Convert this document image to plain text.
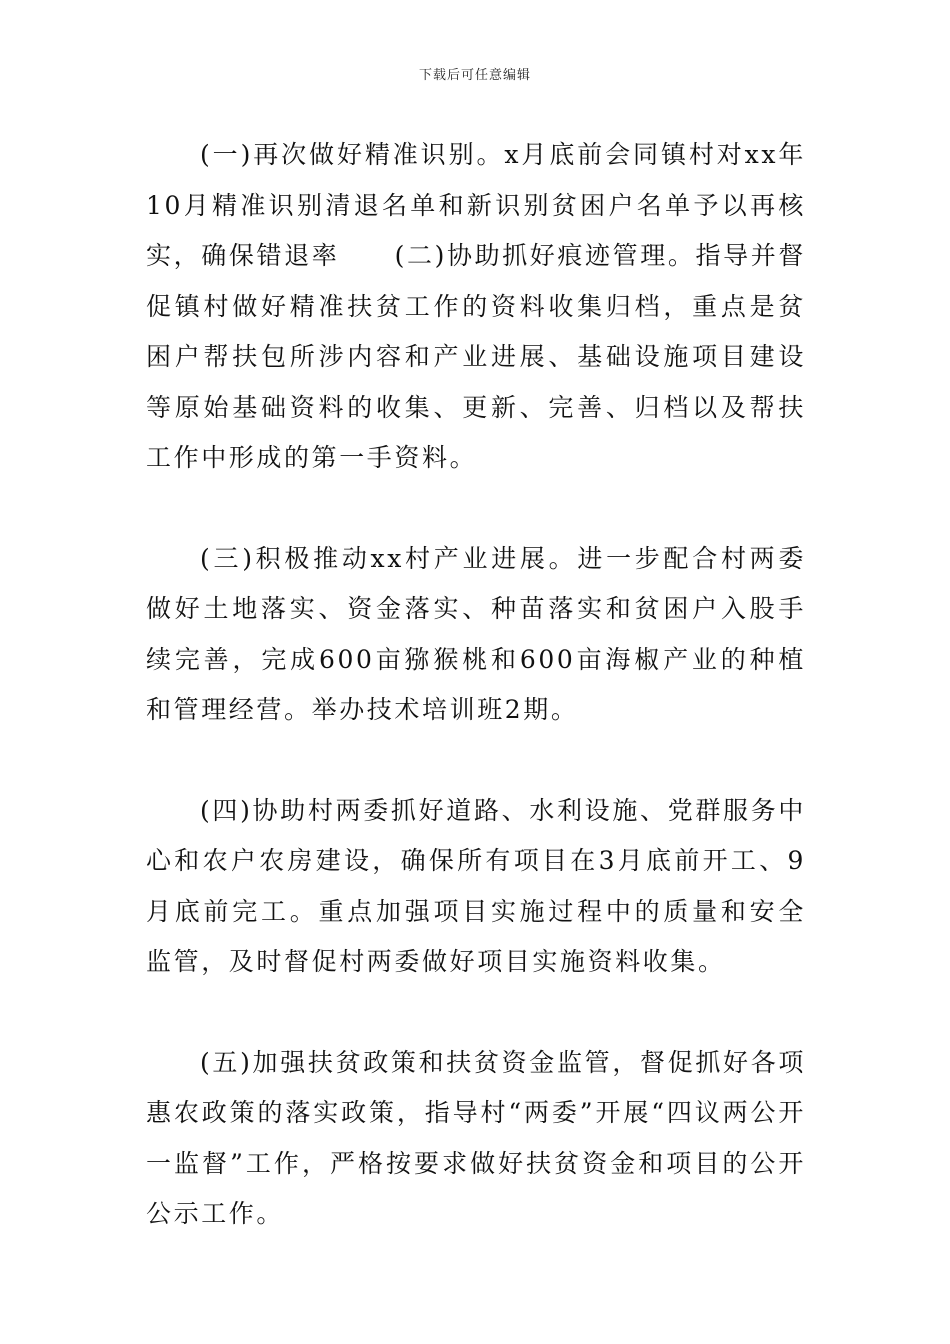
下载后可任意编辑

(一)再次做好精准识别。x月底前会同镇村对xx年10月精准识别清退名单和新识别贫困户名单予以再核实，确保错退率　　(二)协助抓好痕迹管理。指导并督促镇村做好精准扶贫工作的资料收集归档，重点是贫困户帮扶包所涉内容和产业进展、基础设施项目建设等原始基础资料的收集、更新、完善、归档以及帮扶工作中形成的第一手资料。

(三)积极推动xx村产业进展。进一步配合村两委做好土地落实、资金落实、种苗落实和贫困户入股手续完善，完成600亩猕猴桃和600亩海椒产业的种植和管理经营。举办技术培训班2期。

(四)协助村两委抓好道路、水利设施、党群服务中心和农户农房建设，确保所有项目在3月底前开工、9月底前完工。重点加强项目实施过程中的质量和安全监管，及时督促村两委做好项目实施资料收集。

(五)加强扶贫政策和扶贫资金监管，督促抓好各项惠农政策的落实政策，指导村“两委”开展“四议两公开一监督”工作，严格按要求做好扶贫资金和项目的公开公示工作。
